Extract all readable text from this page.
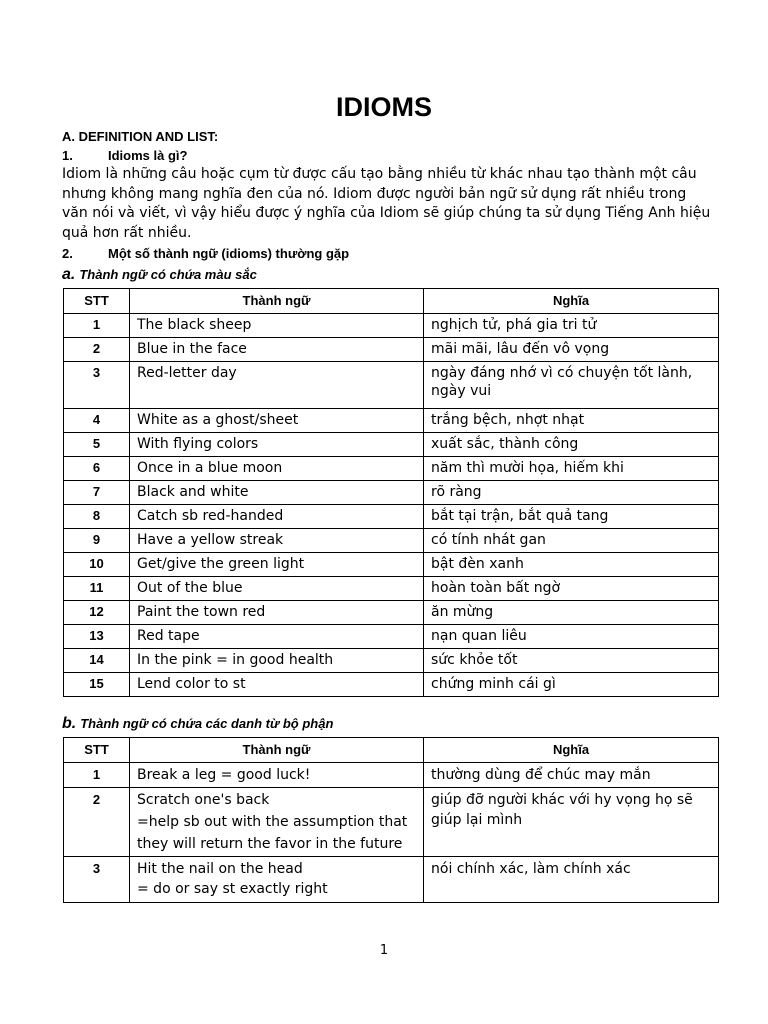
IDIOMS
A. DEFINITION AND LIST:
1.	Idioms là gì?
Idiom là những câu hoặc cụm từ được cấu tạo bằng nhiều từ khác nhau tạo thành một câu
nhưng không mang nghĩa đen của nó. Idiom được người bản ngữ sử dụng rất nhiều trong
văn nói và viết, vì vậy hiểu được ý nghĩa của Idiom sẽ giúp chúng ta sử dụng Tiếng Anh hiệu
quả hơn rất nhiều.
2.	Một số thành ngữ (idioms) thường gặp
a. Thành ngữ có chứa màu sắc
STT	Thành ngữ	Nghĩa
1	The black sheep	nghịch tử, phá gia tri tử
2	Blue in the face	mãi mãi, lâu đến vô vọng
3	Red-letter day	ngày đáng nhớ vì có chuyện tốt lành, ngày vui
4	White as a ghost/sheet	trắng bệch, nhợt nhạt
5	With flying colors	xuất sắc, thành công
6	Once in a blue moon	năm thì mười họa, hiếm khi
7	Black and white	rõ ràng
8	Catch sb red-handed	bắt tại trận, bắt quả tang
9	Have a yellow streak	có tính nhát gan
10	Get/give the green light	bật đèn xanh
11	Out of the blue	hoàn toàn bất ngờ
12	Paint the town red	ăn mừng
13	Red tape	nạn quan liêu
14	In the pink = in good health	sức khỏe tốt
15	Lend color to st	chứng minh cái gì
b. Thành ngữ có chứa các danh từ bộ phận
STT	Thành ngữ	Nghĩa
1	Break a leg = good luck!	thường dùng để chúc may mắn
2	Scratch one's back
=help sb out with the assumption that
they will return the favor in the future	giúp đỡ người khác với hy vọng họ sẽ giúp lại mình
3	Hit the nail on the head
= do or say st exactly right	nói chính xác, làm chính xác
1
